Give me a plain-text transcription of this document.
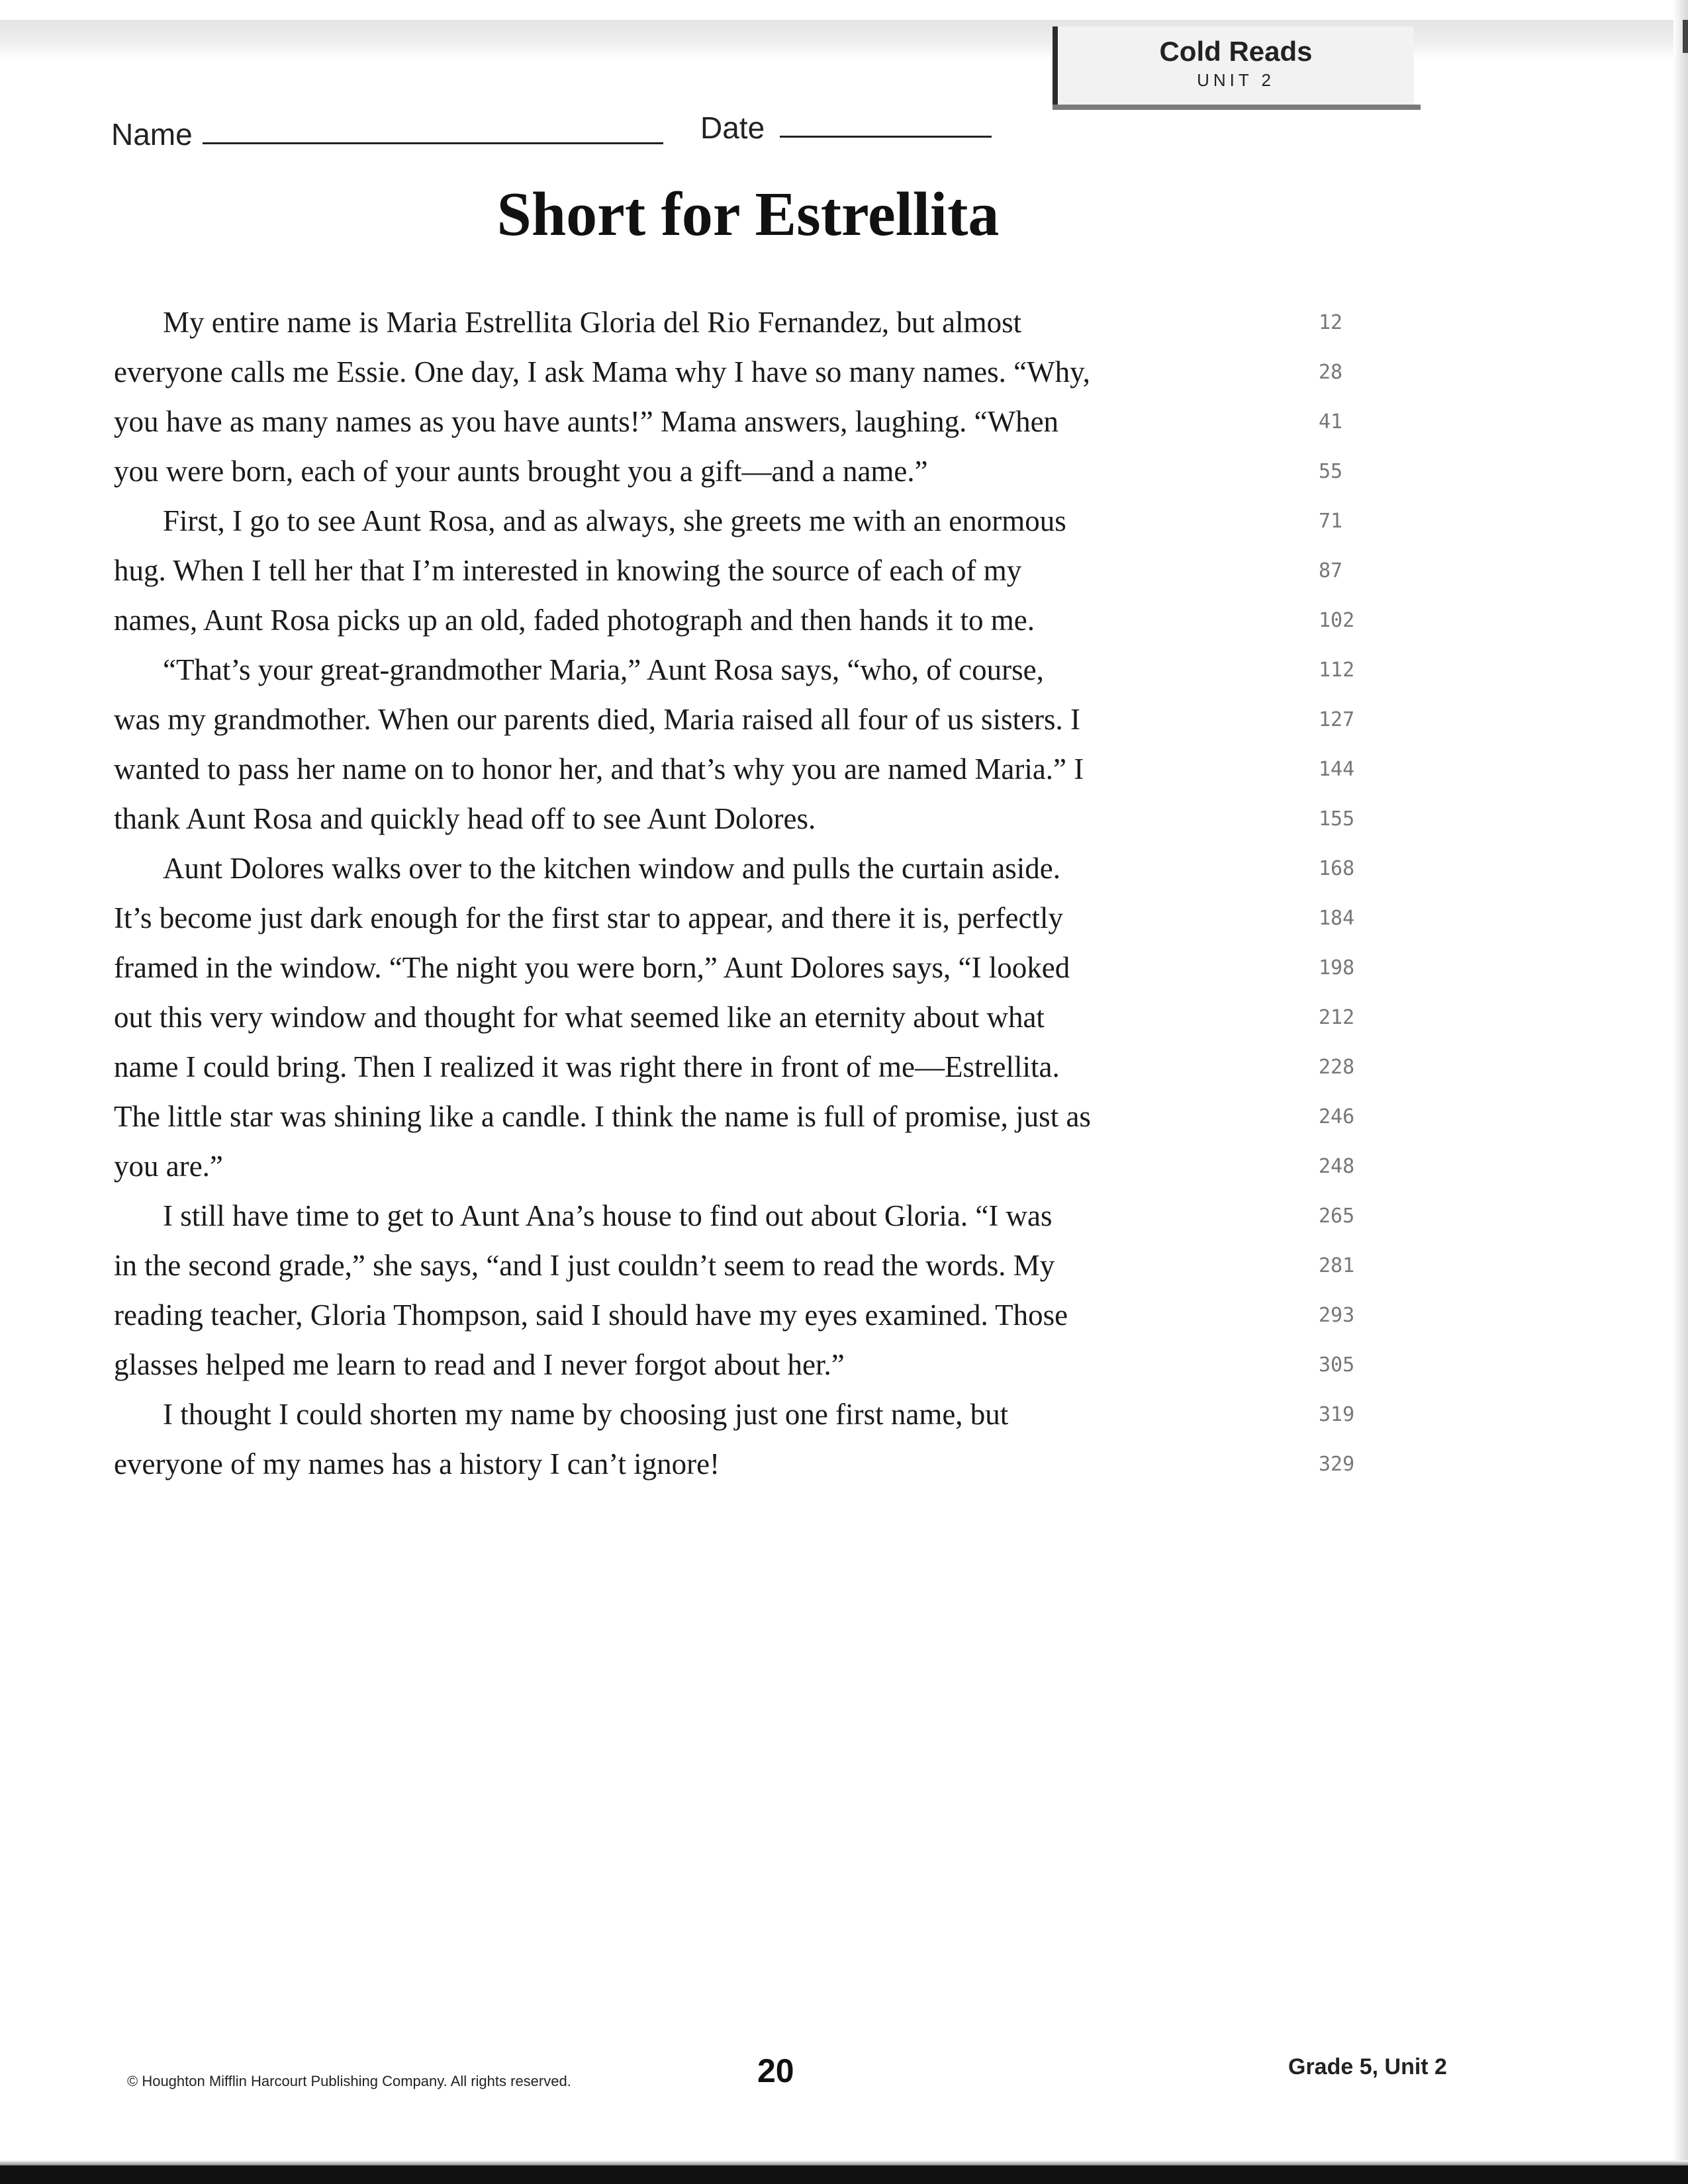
Cold Reads
UNIT 2
Name	Date
Short for Estrellita
My entire name is Maria Estrellita Gloria del Rio Fernandez, but almost	12
everyone calls me Essie. One day, I ask Mama why I have so many names. “Why,	28
you have as many names as you have aunts!” Mama answers, laughing. “When	41
you were born, each of your aunts brought you a gift—and a name.”	55
First, I go to see Aunt Rosa, and as always, she greets me with an enormous	71
hug. When I tell her that I’m interested in knowing the source of each of my	87
names, Aunt Rosa picks up an old, faded photograph and then hands it to me.	102
“That’s your great-grandmother Maria,” Aunt Rosa says, “who, of course,	112
was my grandmother. When our parents died, Maria raised all four of us sisters. I	127
wanted to pass her name on to honor her, and that’s why you are named Maria.” I	144
thank Aunt Rosa and quickly head off to see Aunt Dolores.	155
Aunt Dolores walks over to the kitchen window and pulls the curtain aside.	168
It’s become just dark enough for the first star to appear, and there it is, perfectly	184
framed in the window. “The night you were born,” Aunt Dolores says, “I looked	198
out this very window and thought for what seemed like an eternity about what	212
name I could bring. Then I realized it was right there in front of me—Estrellita.	228
The little star was shining like a candle. I think the name is full of promise, just as	246
you are.”	248
I still have time to get to Aunt Ana’s house to find out about Gloria. “I was	265
in the second grade,” she says, “and I just couldn’t seem to read the words. My	281
reading teacher, Gloria Thompson, said I should have my eyes examined. Those	293
glasses helped me learn to read and I never forgot about her.”	305
I thought I could shorten my name by choosing just one first name, but	319
everyone of my names has a history I can’t ignore!	329
© Houghton Mifflin Harcourt Publishing Company. All rights reserved.	20	Grade 5, Unit 2
